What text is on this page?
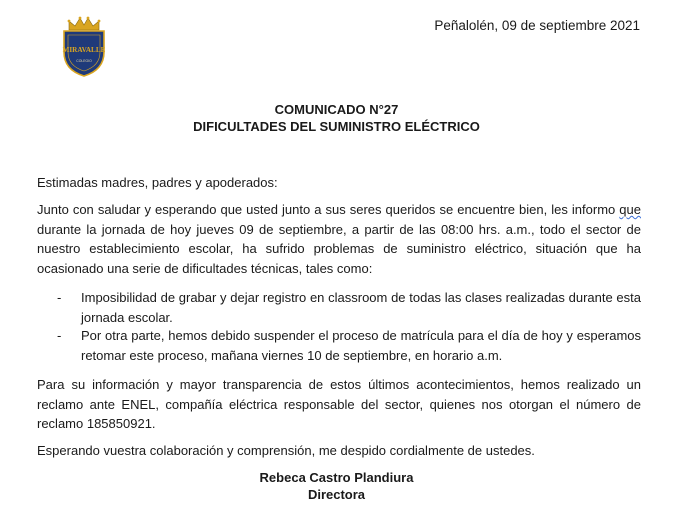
MIRAVALLE
COLEGIO
Peñalolén, 09 de septiembre 2021
COMUNICADO N°27
DIFICULTADES DEL SUMINISTRO ELÉCTRICO
Estimadas madres, padres y apoderados:
Junto con saludar y esperando que usted junto a sus seres queridos se encuentre bien, les informo que durante la jornada de hoy jueves 09 de septiembre, a partir de las 08:00 hrs. a.m., todo el sector de nuestro establecimiento escolar, ha sufrido problemas de suministro eléctrico, situación que ha ocasionado una serie de dificultades técnicas, tales como:
- Imposibilidad de grabar y dejar registro en classroom de todas las clases realizadas durante esta jornada escolar.
- Por otra parte, hemos debido suspender el proceso de matrícula para el día de hoy y esperamos retomar este proceso, mañana viernes 10 de septiembre, en horario a.m.
Para su información y mayor transparencia de estos últimos acontecimientos, hemos realizado un reclamo ante ENEL, compañía eléctrica responsable del sector, quienes nos otorgan el número de reclamo 185850921.
Esperando vuestra colaboración y comprensión, me despido cordialmente de ustedes.
Rebeca Castro Plandiura
Directora
